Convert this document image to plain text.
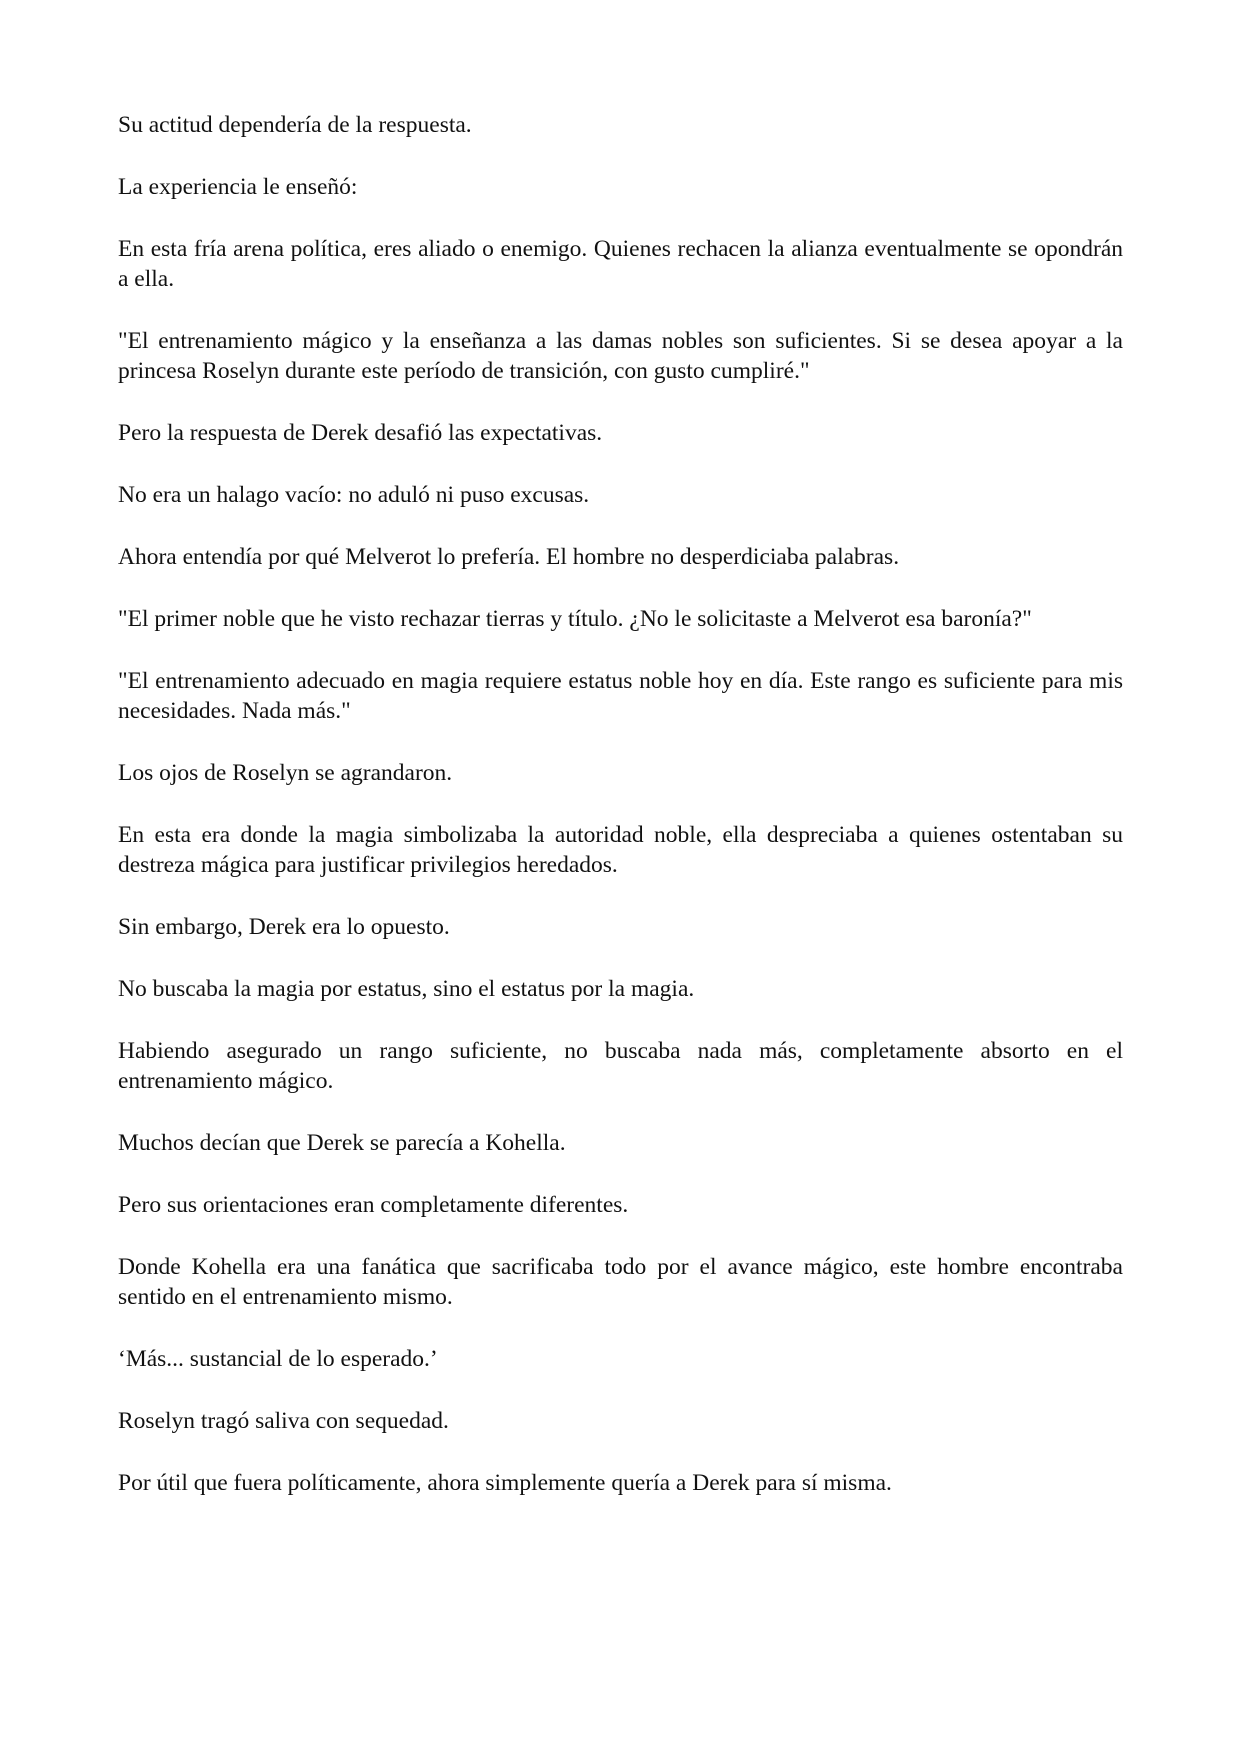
Su actitud dependería de la respuesta.

La experiencia le enseñó:

En esta fría arena política, eres aliado o enemigo. Quienes rechacen la alianza eventualmente se opondrán a ella.

"El entrenamiento mágico y la enseñanza a las damas nobles son suficientes. Si se desea apoyar a la princesa Roselyn durante este período de transición, con gusto cumpliré."

Pero la respuesta de Derek desafió las expectativas.

No era un halago vacío: no aduló ni puso excusas.

Ahora entendía por qué Melverot lo prefería. El hombre no desperdiciaba palabras.

"El primer noble que he visto rechazar tierras y título. ¿No le solicitaste a Melverot esa baronía?"

"El entrenamiento adecuado en magia requiere estatus noble hoy en día. Este rango es suficiente para mis necesidades. Nada más."

Los ojos de Roselyn se agrandaron.

En esta era donde la magia simbolizaba la autoridad noble, ella despreciaba a quienes ostentaban su destreza mágica para justificar privilegios heredados.

Sin embargo, Derek era lo opuesto.

No buscaba la magia por estatus, sino el estatus por la magia.

Habiendo asegurado un rango suficiente, no buscaba nada más, completamente absorto en el entrenamiento mágico.

Muchos decían que Derek se parecía a Kohella.

Pero sus orientaciones eran completamente diferentes.

Donde Kohella era una fanática que sacrificaba todo por el avance mágico, este hombre encontraba sentido en el entrenamiento mismo.

‘Más... sustancial de lo esperado.’

Roselyn tragó saliva con sequedad.

Por útil que fuera políticamente, ahora simplemente quería a Derek para sí misma.
